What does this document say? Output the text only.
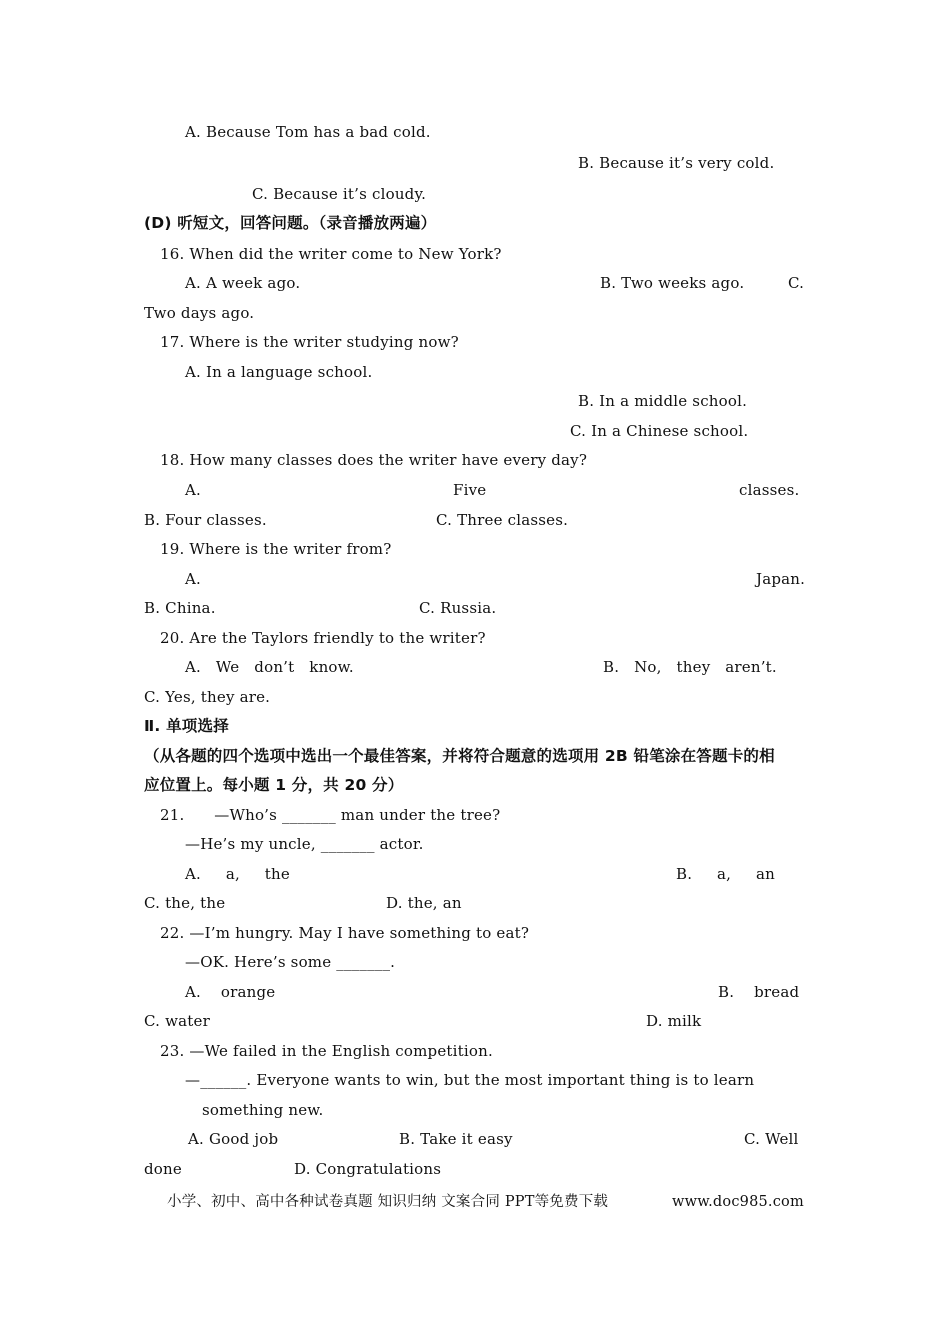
A. Because Tom has a bad cold.
B. Because it’s very cold.
C. Because it’s cloudy.
(D) 听短文，回答问题。（录音播放两遍）
16. When did the writer come to New York?
A. A week ago.	B. Two weeks ago.	C.
Two days ago.
17. Where is the writer studying now?
A. In a language school.
B. In a middle school.
C. In a Chinese school.
18. How many classes does the writer have every day?
A.	Five	classes.
B. Four classes.	C. Three classes.
19. Where is the writer from?
A.	Japan.
B. China.	C. Russia.
20. Are the Taylors friendly to the writer?
A.   We   don’t   know.	B.   No,   they   aren’t.
C. Yes, they are.
Ⅱ. 单项选择
（从各题的四个选项中选出一个最佳答案，并将符合题意的选项用 2B 铅笔涂在答题卡的相
应位置上。每小题 1 分，共 20 分）
21.      —Who’s _______ man under the tree?
—He’s my uncle, _______ actor.
A.     a,     the	B.     a,     an
C. the, the	D. the, an
22. —I’m hungry. May I have something to eat?
—OK. Here’s some _______.
A.    orange	B.    bread
C. water	D. milk
23. —We failed in the English competition.
—______. Everyone wants to win, but the most important thing is to learn
something new.
A. Good job	B. Take it easy	C. Well
done	D. Congratulations
小学、初中、高中各种试卷真题 知识归纳 文案合同 PPT等免费下载	www.doc985.com
